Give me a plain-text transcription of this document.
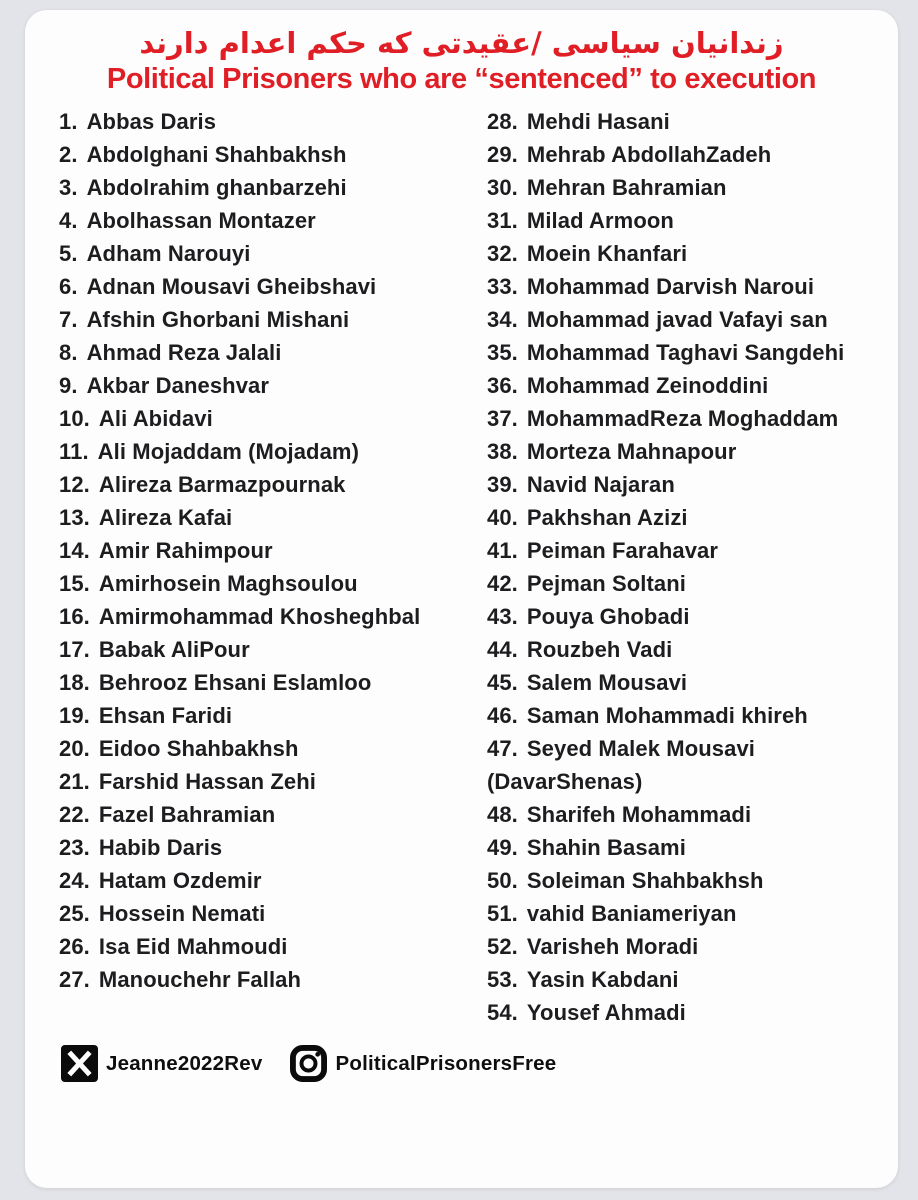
زندانیان سیاسی /عقیدتی که حکم اعدام دارند
Political Prisoners who are “sentenced” to execution
1. Abbas Daris
2. Abdolghani Shahbakhsh
3. Abdolrahim ghanbarzehi
4. Abolhassan Montazer
5. Adham Narouyi
6. Adnan Mousavi Gheibshavi
7. Afshin Ghorbani Mishani
8. Ahmad Reza Jalali
9. Akbar Daneshvar
10. Ali Abidavi
11. Ali Mojaddam (Mojadam)
12. Alireza Barmazpournak
13. Alireza Kafai
14. Amir Rahimpour
15. Amirhosein Maghsoulou
16. Amirmohammad Khosheghbal
17. Babak AliPour
18. Behrooz Ehsani Eslamloo
19. Ehsan Faridi
20. Eidoo Shahbakhsh
21. Farshid Hassan Zehi
22. Fazel Bahramian
23. Habib Daris
24. Hatam Ozdemir
25. Hossein Nemati
26. Isa Eid Mahmoudi
27. Manouchehr Fallah
28. Mehdi Hasani
29. Mehrab AbdollahZadeh
30. Mehran Bahramian
31. Milad Armoon
32. Moein Khanfari
33. Mohammad Darvish Naroui
34. Mohammad javad Vafayi san
35. Mohammad Taghavi Sangdehi
36. Mohammad Zeinoddini
37. MohammadReza Moghaddam
38. Morteza Mahnapour
39. Navid Najaran
40. Pakhshan Azizi
41. Peiman Farahavar
42. Pejman Soltani
43. Pouya Ghobadi
44. Rouzbeh Vadi
45. Salem Mousavi
46. Saman Mohammadi khireh
47. Seyed Malek Mousavi (DavarShenas)
48. Sharifeh Mohammadi
49. Shahin Basami
50. Soleiman Shahbakhsh
51. vahid Baniameriyan
52. Varisheh Moradi
53. Yasin Kabdani
54. Yousef Ahmadi
Jeanne2022Rev	PoliticalPrisonersFree
